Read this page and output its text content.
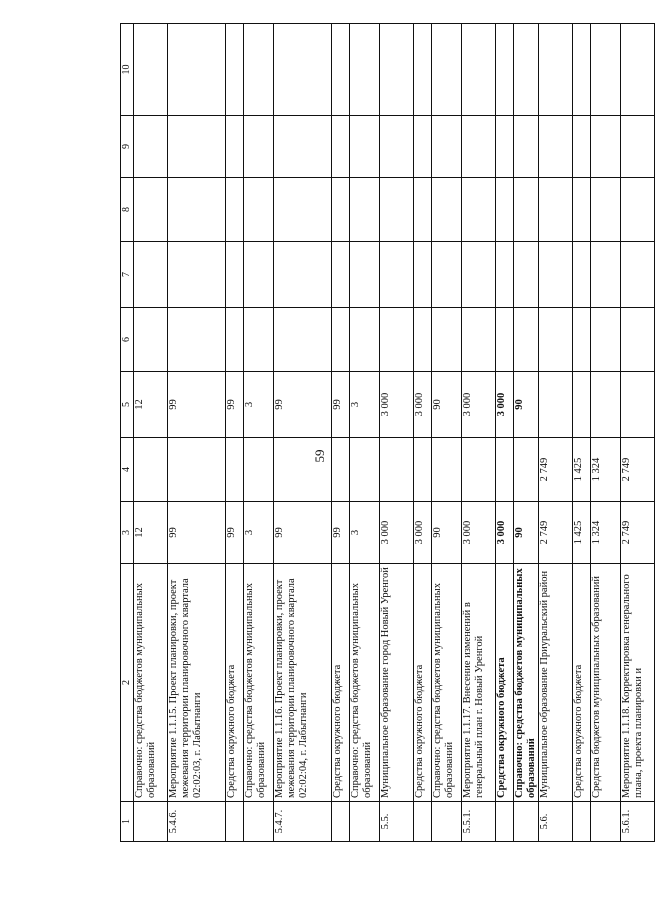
59
1	2	3	4	5	6	7	8	9	10
	Справочно: средства бюджетов муниципальных образований	12		12					
5.4.6.	Мероприятие 1.1.15. Проект планировки, проект межевания территории планировочного квартала 02:02:03, г. Лабытнанги	99		99					
	Средства окружного бюджета	99		99					
	Справочно: средства бюджетов муниципальных образований	3		3					
5.4.7.	Мероприятие 1.1.16. Проект планировки, проект межевания территории планировочного квартала 02:02:04, г. Лабытнанги	99		99					
	Средства окружного бюджета	99		99					
	Справочно: средства бюджетов муниципальных образований	3		3					
5.5.	Муниципальное образование город Новый Уренгой	3 000		3 000					
	Средства окружного бюджета	3 000		3 000					
	Справочно: средства бюджетов муниципальных образований	90		90					
5.5.1.	Мероприятие 1.1.17. Внесение изменений в генеральный план г. Новый Уренгой	3 000		3 000					
	Средства окружного бюджета	3 000		3 000					
	Справочно: средства бюджетов муниципальных образований	90		90					
5.6.	Муниципальное образование Приуральский район	2 749	2 749						
	Средства окружного бюджета	1 425	1 425						
	Средства бюджетов муниципальных образований	1 324	1 324						
5.6.1.	Мероприятие 1.1.18. Корректировка генерального плана, проекта планировки и	2 749	2 749						
